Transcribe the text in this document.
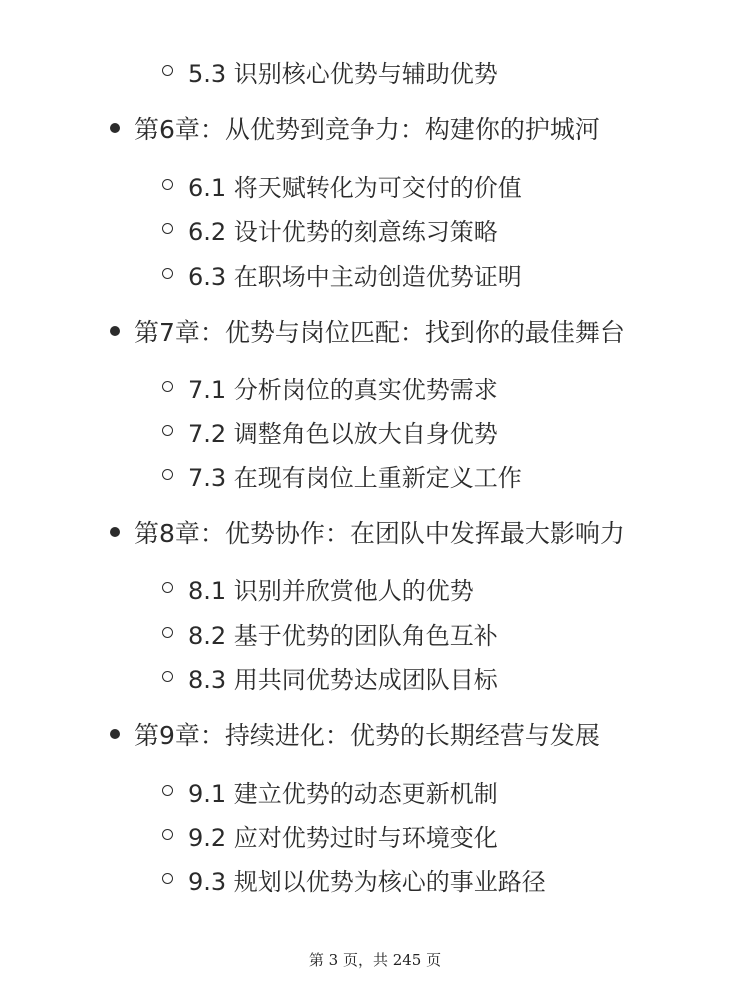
5.3 识别核心优势与辅助优势
第6章：从优势到竞争力：构建你的护城河
6.1 将天赋转化为可交付的价值
6.2 设计优势的刻意练习策略
6.3 在职场中主动创造优势证明
第7章：优势与岗位匹配：找到你的最佳舞台
7.1 分析岗位的真实优势需求
7.2 调整角色以放大自身优势
7.3 在现有岗位上重新定义工作
第8章：优势协作：在团队中发挥最大影响力
8.1 识别并欣赏他人的优势
8.2 基于优势的团队角色互补
8.3 用共同优势达成团队目标
第9章：持续进化：优势的长期经营与发展
9.1 建立优势的动态更新机制
9.2 应对优势过时与环境变化
9.3 规划以优势为核心的事业路径
第 3 页，共 245 页
